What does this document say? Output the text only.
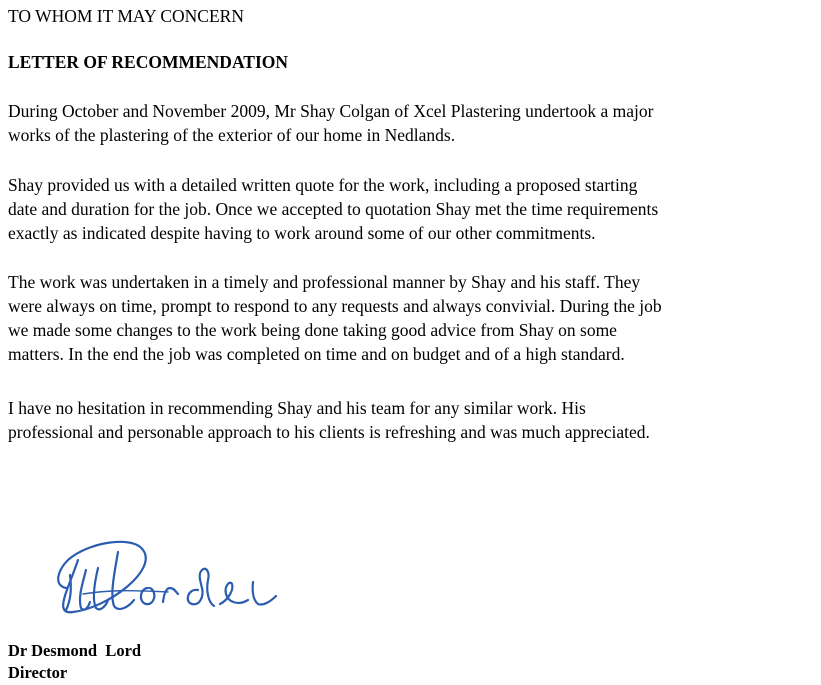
TO WHOM IT MAY CONCERN
LETTER OF RECOMMENDATION
During October and November 2009, Mr Shay Colgan of Xcel Plastering undertook a major
works of the plastering of the exterior of our home in Nedlands.
Shay provided us with a detailed written quote for the work, including a proposed starting
date and duration for the job. Once we accepted to quotation Shay met the time requirements
exactly as indicated despite having to work around some of our other commitments.
The work was undertaken in a timely and professional manner by Shay and his staff. They
were always on time, prompt to respond to any requests and always convivial. During the job
we made some changes to the work being done taking good advice from Shay on some
matters. In the end the job was completed on time and on budget and of a high standard.
I have no hesitation in recommending Shay and his team for any similar work. His
professional and personable approach to his clients is refreshing and was much appreciated.
Dr Desmond  Lord
Director
